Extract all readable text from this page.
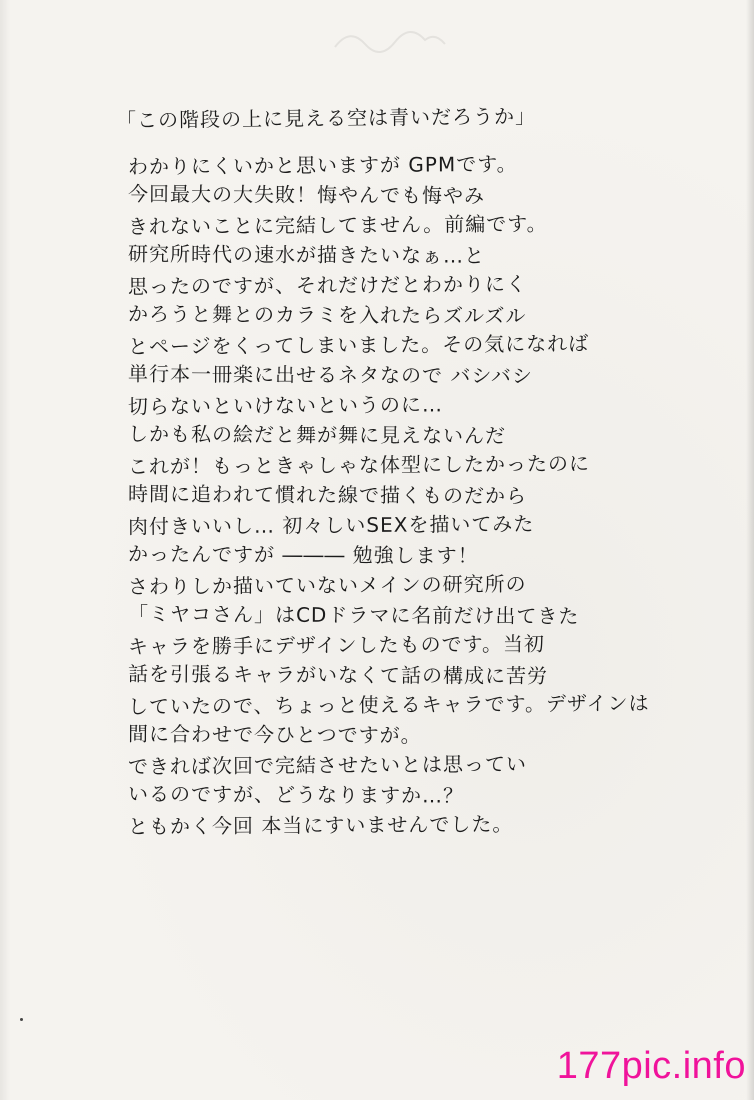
「この階段の上に見える空は青いだろうか」
わかりにくいかと思いますが GPMです。
今回最大の大失敗！悔やんでも悔やみ
きれないことに完結してません。前編です。
研究所時代の速水が描きたいなぁ…と
思ったのですが、それだけだとわかりにく
かろうと舞とのカラミを入れたらズルズル
とページをくってしまいました。その気になれば
単行本一冊楽に出せるネタなので バシバシ
切らないといけないというのに…
しかも私の絵だと舞が舞に見えないんだ
これが！もっときゃしゃな体型にしたかったのに
時間に追われて慣れた線で描くものだから
肉付きいいし… 初々しいSEXを描いてみた
かったんですが ――― 勉強します！
さわりしか描いていないメインの研究所の
「ミヤコさん」はCDドラマに名前だけ出てきた
キャラを勝手にデザインしたものです。当初
話を引張るキャラがいなくて話の構成に苦労
していたので、ちょっと使えるキャラです。デザインは
間に合わせで今ひとつですが。
できれば次回で完結させたいとは思ってい
いるのですが、どうなりますか…？
ともかく今回 本当にすいませんでした。
177pic.info
